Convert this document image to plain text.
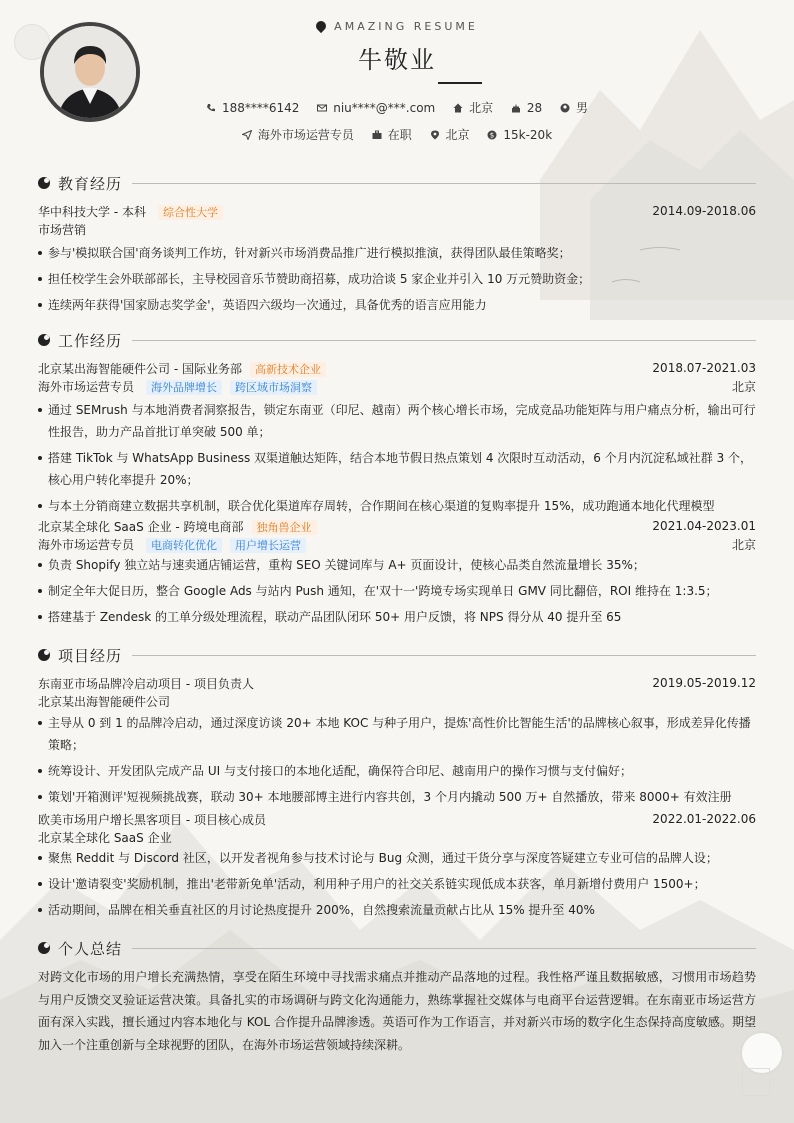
AMAZING RESUME
牛敬业
188****6142	niu****@***.com	北京	28	男
海外市场运营专员	在职	北京	$ 15k-20k
教育经历
华中科技大学 - 本科 综合性大学	2014.09-2018.06
市场营销
参与'模拟联合国'商务谈判工作坊，针对新兴市场消费品推广进行模拟推演，获得团队最佳策略奖；
担任校学生会外联部部长，主导校园音乐节赞助商招募，成功洽谈 5 家企业并引入 10 万元赞助资金；
连续两年获得'国家励志奖学金'，英语四六级均一次通过，具备优秀的语言应用能力
工作经历
北京某出海智能硬件公司 - 国际业务部 高新技术企业	2018.07-2021.03
海外市场运营专员 海外品牌增长 跨区域市场洞察	北京
通过 SEMrush 与本地消费者洞察报告，锁定东南亚（印尼、越南）两个核心增长市场，完成竞品功能矩阵与用户痛点分析，输出可行性报告，助力产品首批订单突破 500 单；
搭建 TikTok 与 WhatsApp Business 双渠道触达矩阵，结合本地节假日热点策划 4 次限时互动活动，6 个月内沉淀私域社群 3 个，核心用户转化率提升 20%；
与本土分销商建立数据共享机制，联合优化渠道库存周转，合作期间在核心渠道的复购率提升 15%，成功跑通本地化代理模型
北京某全球化 SaaS 企业 - 跨境电商部 独角兽企业	2021.04-2023.01
海外市场运营专员 电商转化优化 用户增长运营	北京
负责 Shopify 独立站与速卖通店铺运营，重构 SEO 关键词库与 A+ 页面设计，使核心品类自然流量增长 35%；
制定全年大促日历，整合 Google Ads 与站内 Push 通知，在'双十一'跨境专场实现单日 GMV 同比翻倍，ROI 维持在 1:3.5；
搭建基于 Zendesk 的工单分级处理流程，联动产品团队闭环 50+ 用户反馈，将 NPS 得分从 40 提升至 65
项目经历
东南亚市场品牌冷启动项目 - 项目负责人	2019.05-2019.12
北京某出海智能硬件公司
主导从 0 到 1 的品牌冷启动，通过深度访谈 20+ 本地 KOC 与种子用户，提炼'高性价比智能生活'的品牌核心叙事，形成差异化传播策略；
统筹设计、开发团队完成产品 UI 与支付接口的本地化适配，确保符合印尼、越南用户的操作习惯与支付偏好；
策划'开箱测评'短视频挑战赛，联动 30+ 本地腰部博主进行内容共创，3 个月内撬动 500 万+ 自然播放，带来 8000+ 有效注册
欧美市场用户增长黑客项目 - 项目核心成员	2022.01-2022.06
北京某全球化 SaaS 企业
聚焦 Reddit 与 Discord 社区，以开发者视角参与技术讨论与 Bug 众测，通过干货分享与深度答疑建立专业可信的品牌人设；
设计'邀请裂变'奖励机制，推出'老带新免单'活动，利用种子用户的社交关系链实现低成本获客，单月新增付费用户 1500+；
活动期间，品牌在相关垂直社区的月讨论热度提升 200%，自然搜索流量贡献占比从 15% 提升至 40%
个人总结
对跨文化市场的用户增长充满热情，享受在陌生环境中寻找需求痛点并推动产品落地的过程。我性格严谨且数据敏感，习惯用市场趋势与用户反馈交叉验证运营决策。具备扎实的市场调研与跨文化沟通能力，熟练掌握社交媒体与电商平台运营逻辑。在东南亚市场运营方面有深入实践，擅长通过内容本地化与 KOL 合作提升品牌渗透。英语可作为工作语言，并对新兴市场的数字化生态保持高度敏感。期望加入一个注重创新与全球视野的团队，在海外市场运营领域持续深耕。
